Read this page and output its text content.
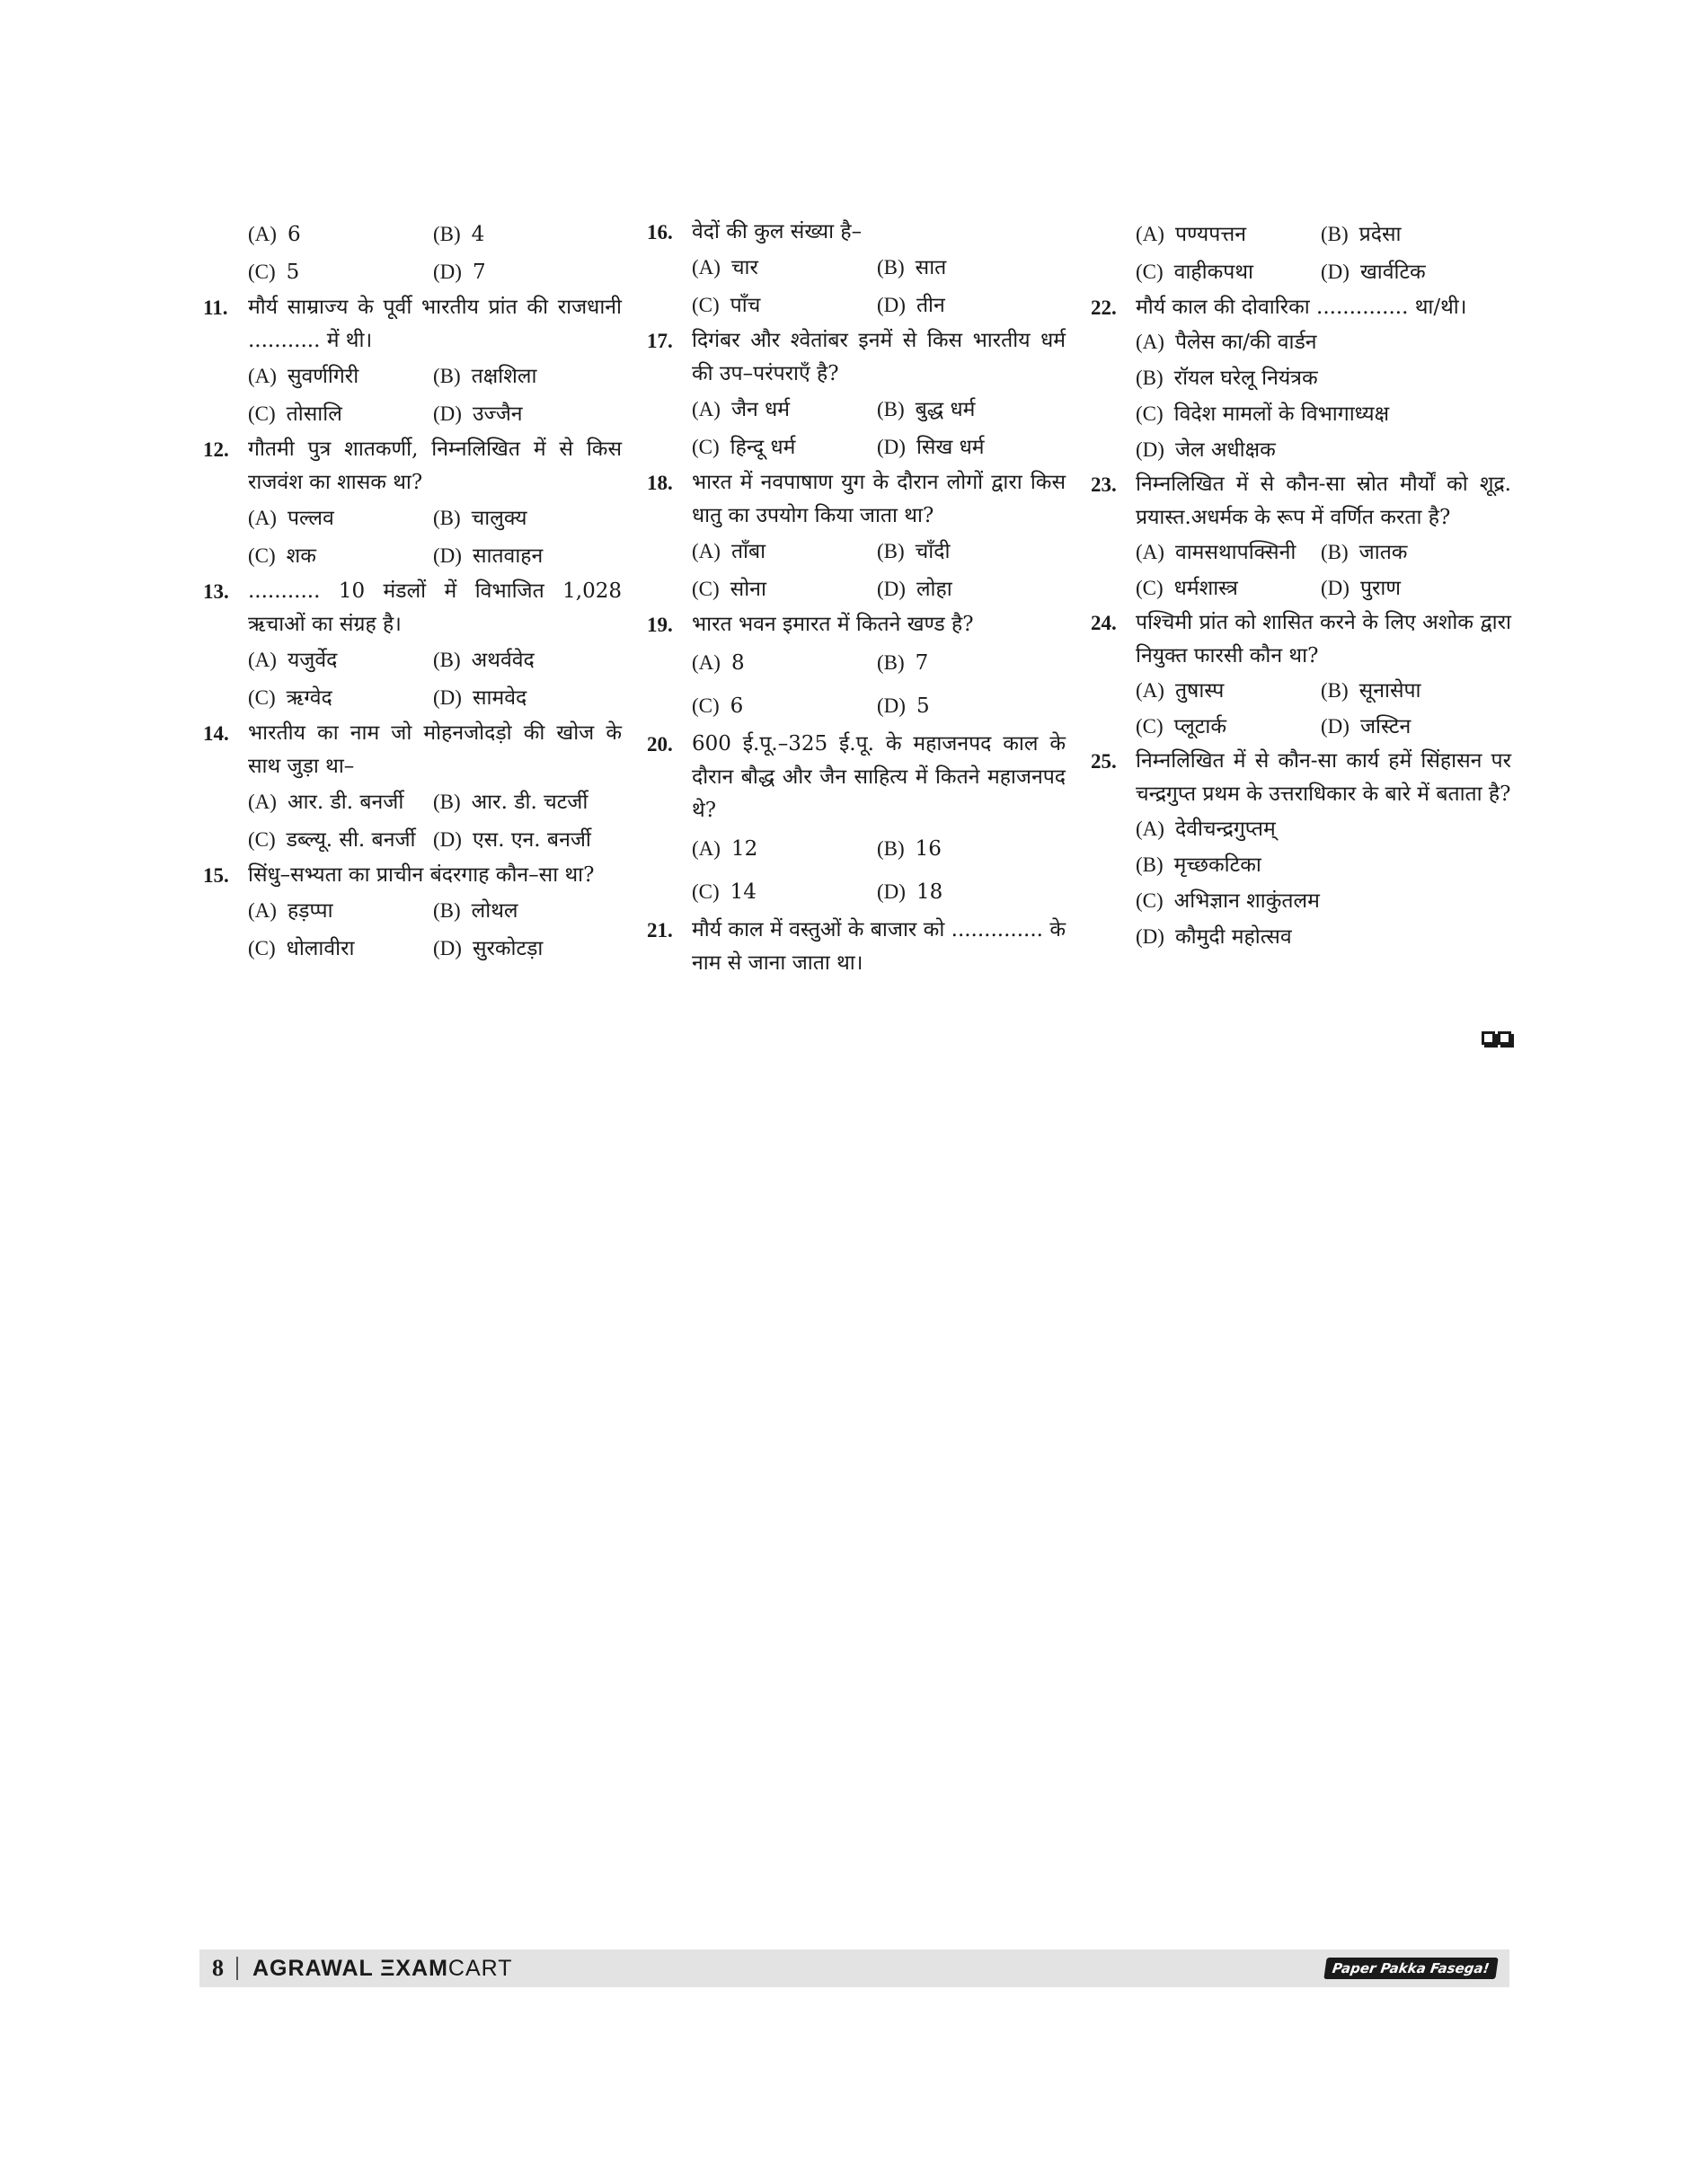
(A) 6	(B) 4
(C) 5	(D) 7
11. मौर्य साम्राज्य के पूर्वी भारतीय प्रांत की राजधानी ........... में थी।
(A) सुवर्णगिरी	(B) तक्षशिला
(C) तोसालि	(D) उज्जैन
12. गौतमी पुत्र शातकर्णी, निम्नलिखित में से किस राजवंश का शासक था?
(A) पल्लव	(B) चालुक्य
(C) शक	(D) सातवाहन
13. ........... 10 मंडलों में विभाजित 1,028 ऋचाओं का संग्रह है।
(A) यजुर्वेद	(B) अथर्ववेद
(C) ऋग्वेद	(D) सामवेद
14. भारतीय का नाम जो मोहनजोदड़ो की खोज के साथ जुड़ा था–
(A) आर. डी. बनर्जी	(B) आर. डी. चटर्जी
(C) डब्ल्यू. सी. बनर्जी (D) एस. एन. बनर्जी
15. सिंधु–सभ्यता का प्राचीन बंदरगाह कौन–सा था?
(A) हड़प्पा	(B) लोथल
(C) धोलावीरा	(D) सुरकोटड़ा
16. वेदों की कुल संख्या है–
(A) चार	(B) सात
(C) पाँच	(D) तीन
17. दिगंबर और श्वेतांबर इनमें से किस भारतीय धर्म की उप–परंपराएँ है?
(A) जैन धर्म	(B) बुद्ध धर्म
(C) हिन्दू धर्म	(D) सिख धर्म
18. भारत में नवपाषाण युग के दौरान लोगों द्वारा किस धातु का उपयोग किया जाता था?
(A) ताँबा	(B) चाँदी
(C) सोना	(D) लोहा
19. भारत भवन इमारत में कितने खण्ड है?
(A) 8	(B) 7
(C) 6	(D) 5
20. 600 ई.पू.–325 ई.पू. के महाजनपद काल के दौरान बौद्ध और जैन साहित्य में कितने महाजनपद थे?
(A) 12	(B) 16
(C) 14	(D) 18
21. मौर्य काल में वस्तुओं के बाजार को .............. के नाम से जाना जाता था।
(A) पण्यपत्तन	(B) प्रदेसा
(C) वाहीकपथा	(D) खार्वटिक
22. मौर्य काल की दोवारिका .............. था/थी।
(A) पैलेस का/की वार्डन
(B) रॉयल घरेलू नियंत्रक
(C) विदेश मामलों के विभागाध्यक्ष
(D) जेल अधीक्षक
23. निम्नलिखित में से कौन-सा स्रोत मौर्यों को शूद्र. प्रयास्त.अधर्मक के रूप में वर्णित करता है?
(A) वामसथापक्सिनी	(B) जातक
(C) धर्मशास्त्र	(D) पुराण
24. पश्चिमी प्रांत को शासित करने के लिए अशोक द्वारा नियुक्त फारसी कौन था?
(A) तुषास्प	(B) सूनासेपा
(C) प्लूटार्क	(D) जस्टिन
25. निम्नलिखित में से कौन-सा कार्य हमें सिंहासन पर चन्द्रगुप्त प्रथम के उत्तराधिकार के बारे में बताता है?
(A) देवीचन्द्रगुप्तम्
(B) मृच्छकटिका
(C) अभिज्ञान शाकुंतलम
(D) कौमुदी महोत्सव
8 AGRAWAL ΞXAMCART	Paper Pakka Fasega!
